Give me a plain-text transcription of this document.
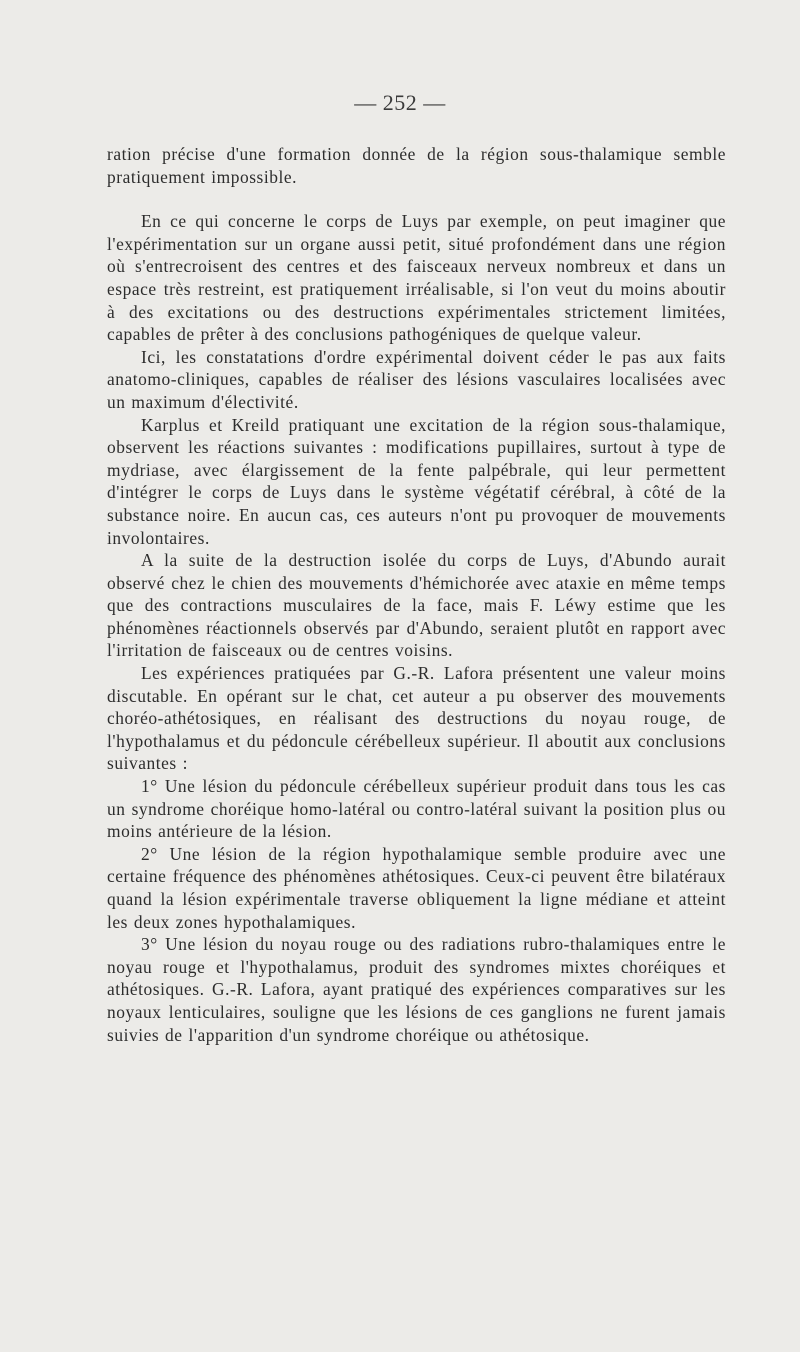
— 252 —

ration précise d'une formation donnée de la région sous-thalamique semble pratiquement impossible.

En ce qui concerne le corps de Luys par exemple, on peut imaginer que l'expérimentation sur un organe aussi petit, situé profondément dans une région où s'entrecroisent des centres et des faisceaux nerveux nombreux et dans un espace très restreint, est pratiquement irréalisable, si l'on veut du moins aboutir à des excitations ou des destructions expérimentales strictement limitées, capables de prêter à des conclusions pathogéniques de quelque valeur.

Ici, les constatations d'ordre expérimental doivent céder le pas aux faits anatomo-cliniques, capables de réaliser des lésions vasculaires localisées avec un maximum d'électivité.

Karplus et Kreild pratiquant une excitation de la région sous-thalamique, observent les réactions suivantes : modifications pupillaires, surtout à type de mydriase, avec élargissement de la fente palpébrale, qui leur permettent d'intégrer le corps de Luys dans le système végétatif cérébral, à côté de la substance noire. En aucun cas, ces auteurs n'ont pu provoquer de mouvements involontaires.

A la suite de la destruction isolée du corps de Luys, d'Abundo aurait observé chez le chien des mouvements d'hémichorée avec ataxie en même temps que des contractions musculaires de la face, mais F. Léwy estime que les phénomènes réactionnels observés par d'Abundo, seraient plutôt en rapport avec l'irritation de faisceaux ou de centres voisins.

Les expériences pratiquées par G.-R. Lafora présentent une valeur moins discutable. En opérant sur le chat, cet auteur a pu observer des mouvements choréo-athétosiques, en réalisant des destructions du noyau rouge, de l'hypothalamus et du pédoncule cérébelleux supérieur. Il aboutit aux conclusions suivantes :

1° Une lésion du pédoncule cérébelleux supérieur produit dans tous les cas un syndrome choréique homo-latéral ou contro-latéral suivant la position plus ou moins antérieure de la lésion.

2° Une lésion de la région hypothalamique semble produire avec une certaine fréquence des phénomènes athétosiques. Ceux-ci peuvent être bilatéraux quand la lésion expérimentale traverse obliquement la ligne médiane et atteint les deux zones hypothalamiques.

3° Une lésion du noyau rouge ou des radiations rubro-thalamiques entre le noyau rouge et l'hypothalamus, produit des syndromes mixtes choréiques et athétosiques. G.-R. Lafora, ayant pratiqué des expériences comparatives sur les noyaux lenticulaires, souligne que les lésions de ces ganglions ne furent jamais suivies de l'apparition d'un syndrome choréique ou athétosique.
